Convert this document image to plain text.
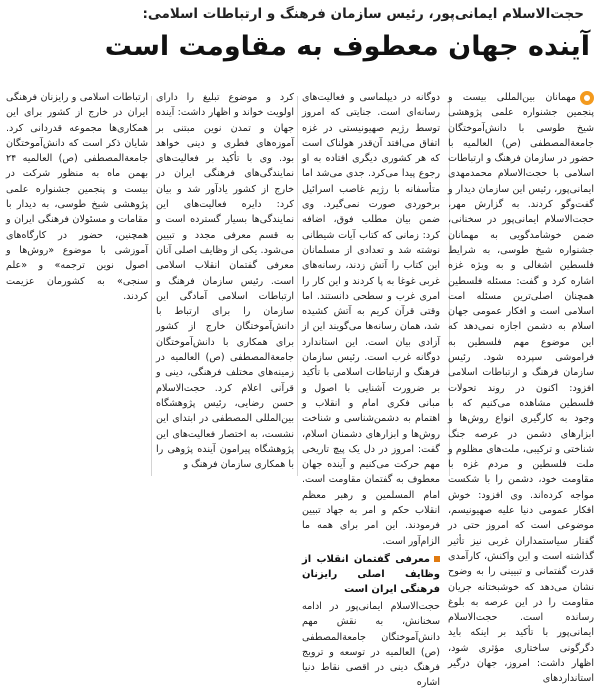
حجت‌الاسلام ایمانی‌پور، رئیس سازمان فرهنگ و ارتباطات اسلامی:
آینده جهان معطوف به مقاومت است

مهمانان بین‌المللی بیست و پنجمین جشنواره علمی پژوهشی شیخ طوسی با دانش‌آموختگان جامعةالمصطفی (ص) العالمیه با حضور در سازمان فرهنگ و ارتباطات اسلامی با حجت‌الاسلام محمدمهدی ایمانی‌پور، رئیس این سازمان دیدار و گفت‌وگو کردند. به گزارش مهر، حجت‌الاسلام ایمانی‌پور در سخنانی، ضمن خوشامدگویی به مهمانان جشنواره شیخ طوسی، به شرایط فلسطین اشغالی و به ویژه غزه اشاره کرد و گفت: مسئله فلسطین همچنان اصلی‌ترین مسئله امت اسلامی است و افکار عمومی جهان اسلام به دشمن اجازه نمی‌دهد که این موضوع مهم فلسطین به فراموشی سپرده شود. رئیس سازمان فرهنگ و ارتباطات اسلامی افزود: اکنون در روند تحولات فلسطین مشاهده می‌کنیم که با وجود به کارگیری انواع روش‌ها و ابزارهای دشمن در عرصه جنگ شناختی و ترکیبی، ملت‌های مظلوم و ملت فلسطین و مردم غزه با مقاومت خود، دشمن را با شکست مواجه کرده‌اند. وی افزود: خوش افکار عمومی دنیا علیه صهیونیسم، موضوعی است که امروز حتی در گفتار سیاستمداران غربی نیز تأثیر گذاشته است و این واکنش، کارآمدی قدرت گفتمانی و تبیینی را به وضوح نشان می‌دهد که خوشبختانه جریان مقاومت را در این عرصه به بلوغ رسانده است. حجت‌الاسلام ایمانی‌پور با تأکید بر اینکه باید دگرگونی ساختاری مؤثری شود، اظهار داشت: امروز، جهان درگیر استاندارد‌های

دوگانه در دیپلماسی و فعالیت‌های رسانه‌ای است. جنایتی که امروز توسط رژیم صهیونیستی در غزه اتفاق می‌افتد آن‌قدر هولناک است که هر کشوری دیگری افتاده به او رجوع پیدا می‌کرد. جدی می‌شد اما متأسفانه با رژیم غاصب اسرائیل برخوردی صورت نمی‌گیرد. وی ضمن بیان مطلب فوق، اضافه کرد: زمانی که کتاب آیات شیطانی نوشته شد و تعدادی از مسلمانان این کتاب را آتش زدند، رسانه‌های غربی غوغا به پا کردند و این کار را امری غرب و سطحی دانستند. اما وقتی قرآن کریم به آتش کشیده شد، همان رسانه‌ها می‌گویند این از آزادی بیان است. این استاندارد دوگانه غرب است. رئیس سازمان فرهنگ و ارتباطات اسلامی با تأکید بر ضرورت آشنایی با اصول و مبانی فکری امام و انقلاب و اهتمام به دشمن‌شناسی و شناخت روش‌ها و ابزارهای دشمنان اسلام، گفت: امروز در دل یک پیچ تاریخی مهم حرکت می‌کنیم و آینده جهان معطوف به گفتمان مقاومت است. امام المسلمین و رهبر معظم انقلاب حکم و امر به جهاد تبیین فرمودند. این امر برای همه ما الزام‌آور است.

معرفی گفتمان انقلاب از وظایف اصلی رایزنان فرهنگی ایران است

حجت‌الاسلام ایمانی‌پور در ادامه سخنانش، به نقش مهم دانش‌آموختگان جامعةالمصطفی (ص) العالمیه در توسعه و ترویج فرهنگ دینی در اقصی نقاط دنیا اشاره

کرد و موضوع تبلیغ را دارای اولویت خواند و اظهار داشت: آینده جهان و تمدن نوین مبتنی بر آموزه‌های فطری و دینی خواهد بود. وی با تأکید بر فعالیت‌های نمایندگی‌های فرهنگی ایران در خارج از کشور یادآور شد و بیان کرد: دایره فعالیت‌های این نمایندگی‌ها بسیار گسترده است و به قسم معرفی مجدد و تبیین می‌شود. یکی از وظایف اصلی آنان معرفی گفتمان انقلاب اسلامی است. رئیس سازمان فرهنگ و ارتباطات اسلامی آمادگی این سازمان را برای ارتباط با دانش‌آموختگان خارج از کشور برای همکاری با دانش‌آموختگان جامعةالمصطفی (ص) العالمیه در زمینه‌های مختلف فرهنگی، دینی و قرآنی اعلام کرد. حجت‌الاسلام حسن رضایی، رئیس پژوهشگاه بین‌المللی المصطفی در ابتدای این نشست، به اختصار فعالیت‌های این پژوهشگاه پیرامون آینده پژوهی را با همکاری سازمان فرهنگ و

ارتباطات اسلامی و رایزنان فرهنگی ایران در خارج از کشور برای این همکاری‌ها مجموعه قدردانی کرد. شایان ذکر است که دانش‌آموختگان جامعةالمصطفی (ص) العالمیه ۲۴ بهمن ماه به منظور شرکت در بیست و پنجمین جشنواره علمی پژوهشی شیخ طوسی، به دیدار با مقامات و مسئولان فرهنگی ایران و همچنین، حضور در کارگاه‌های آموزشی با موضوع «روش‌ها و اصول نوین ترجمه» و «علم سنجی» به کشورمان عزیمت کردند.
